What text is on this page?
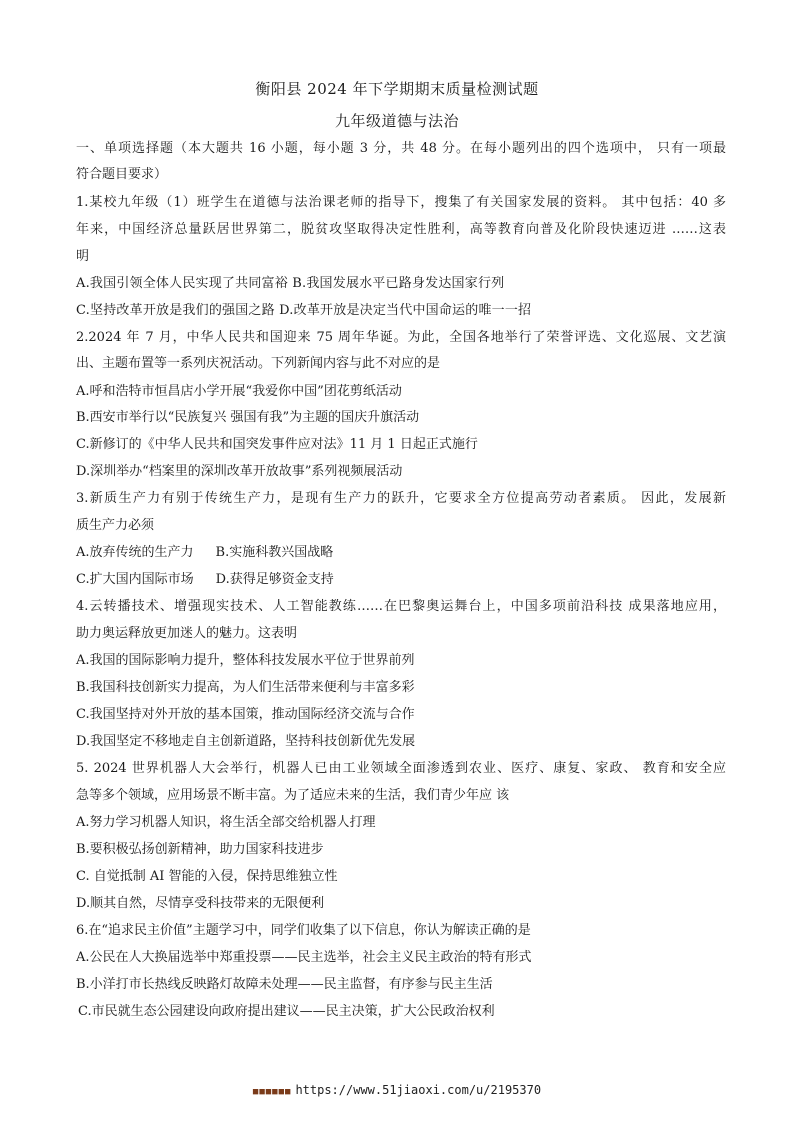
衡阳县 2024 年下学期期末质量检测试题
九年级道德与法治
一、单项选择题（本大题共 16 小题，每小题 3 分，共 48 分。在每小题列出的四个选项中， 只有一项最
符合题目要求）
1.某校九年级（1）班学生在道德与法治课老师的指导下，搜集了有关国家发展的资料。 其中包括：40 多
年来，中国经济总量跃居世界第二，脱贫攻坚取得决定性胜利，高等教育向普及化阶段快速迈进 ……这表
明
A.我国引领全体人民实现了共同富裕 B.我国发展水平已路身发达国家行列
C.坚持改革开放是我们的强国之路 D.改革开放是决定当代中国命运的唯一一招
2.2024 年 7 月，中华人民共和国迎来 75 周年华诞。为此，全国各地举行了荣誉评选、文化巡展、文艺演
出、主题布置等一系列庆祝活动。下列新闻内容与此不对应的是
A.呼和浩特市恒昌店小学开展“我爱你中国”团花剪纸活动
B.西安市举行以“民族复兴 强国有我”为主题的国庆升旗活动
C.新修订的《中华人民共和国突发事件应对法》11 月 1 日起正式施行
D.深圳举办“档案里的深圳改革开放故事”系列视频展活动
3.新质生产力有别于传统生产力，是现有生产力的跃升，它要求全方位提高劳动者素质。 因此，发展新
质生产力必须
A.放弃传统的生产力 B.实施科教兴国战略
C.扩大国内国际市场 D.获得足够资金支持
4.云转播技术、增强现实技术、人工智能教练……在巴黎奥运舞台上，中国多项前沿科技 成果落地应用，
助力奥运释放更加迷人的魅力。这表明
A.我国的国际影响力提升，整体科技发展水平位于世界前列
B.我国科技创新实力提高，为人们生活带来便利与丰富多彩
C.我国坚持对外开放的基本国策，推动国际经济交流与合作
D.我国坚定不移地走自主创新道路，坚持科技创新优先发展
5. 2024 世界机器人大会举行，机器人已由工业领域全面渗透到农业、医疗、康复、家政、 教育和安全应
急等多个领域，应用场景不断丰富。为了适应未来的生活，我们青少年应 该
A.努力学习机器人知识，将生活全部交给机器人打理
B.要积极弘扬创新精神，助力国家科技进步
C. 自觉抵制 AI 智能的入侵，保持思维独立性
D.顺其自然，尽情享受科技带来的无限便利
6.在“追求民主价值”主题学习中，同学们收集了以下信息，你认为解读正确的是
A.公民在人大换届选举中郑重投票——民主选举，社会主义民主政治的特有形式
B.小洋打市长热线反映路灯故障未处理——民主监督，有序参与民主生活
C.市民就生态公园建设向政府提出建议——民主决策，扩大公民政治权利
■■■■■■ https://www.51jiaoxi.com/u/2195370
